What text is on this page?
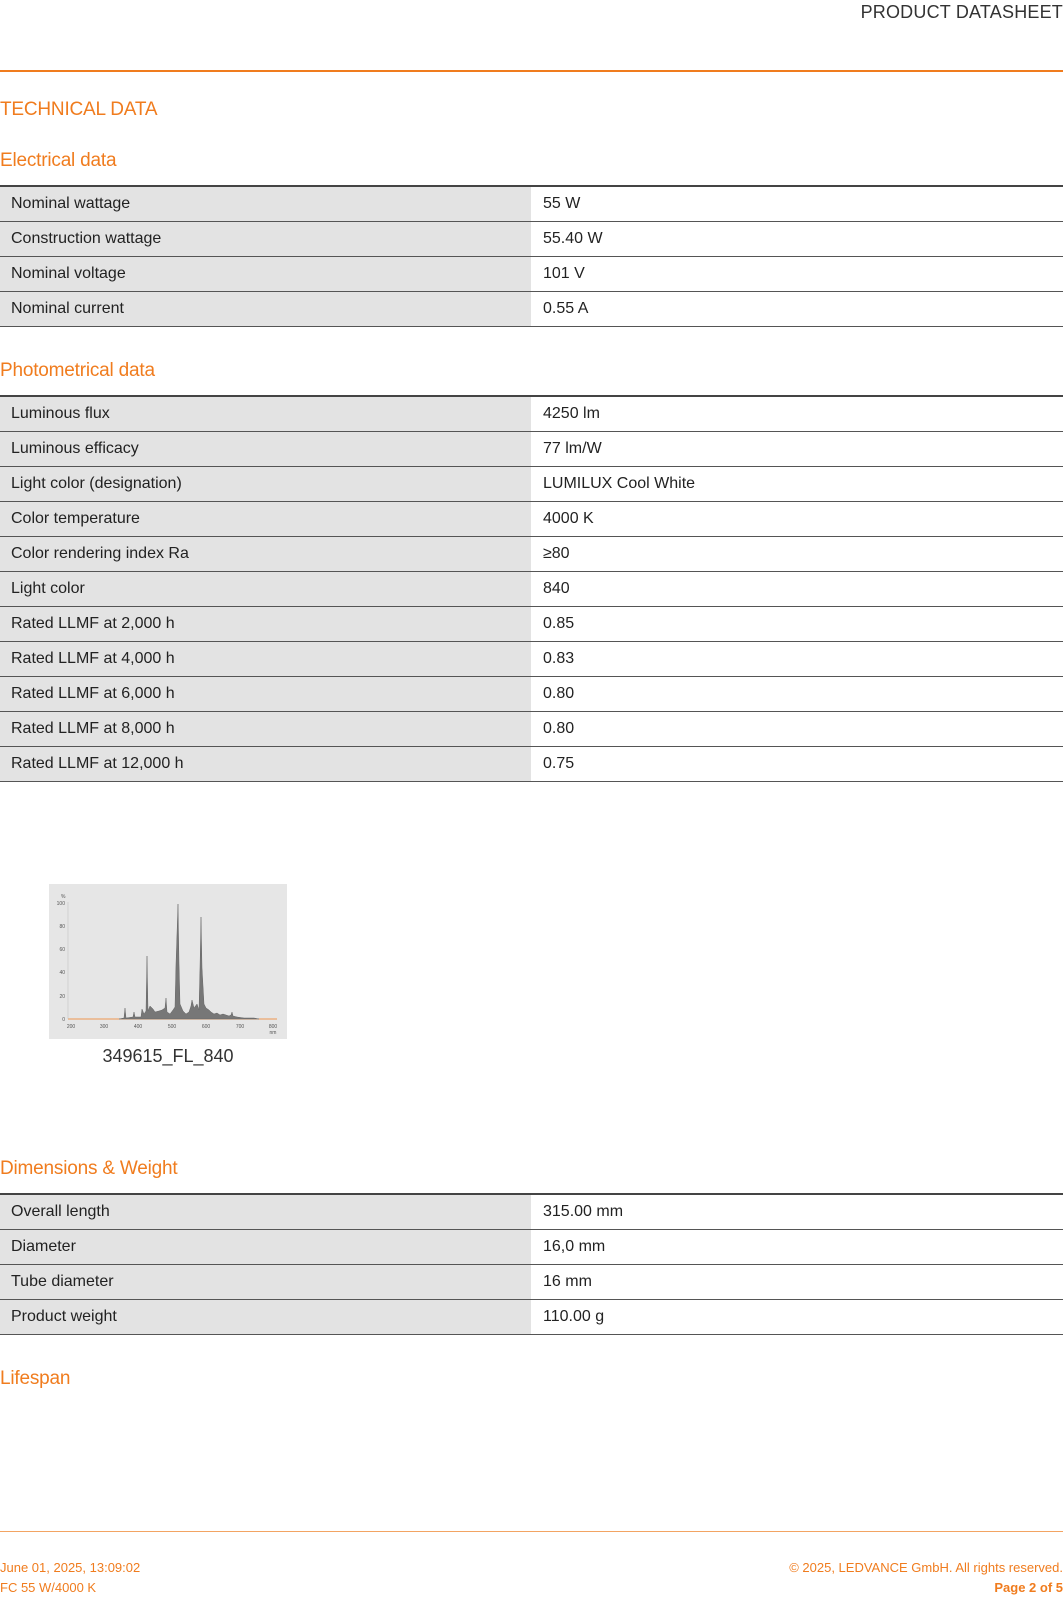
PRODUCT DATASHEET
TECHNICAL DATA
Electrical data
Nominal wattage	55 W
Construction wattage	55.40 W
Nominal voltage	101 V
Nominal current	0.55 A
Photometrical data
Luminous flux	4250 lm
Luminous efficacy	77 lm/W
Light color (designation)	LUMILUX Cool White
Color temperature	4000 K
Color rendering index Ra	≥80
Light color	840
Rated LLMF at 2,000 h	0.85
Rated LLMF at 4,000 h	0.83
Rated LLMF at 6,000 h	0.80
Rated LLMF at 8,000 h	0.80
Rated LLMF at 12,000 h	0.75
%
0
20
40
60
80
100
200	300	400	500	600	700	800
nm
349615_FL_840
Dimensions & Weight
Overall length	315.00 mm
Diameter	16,0 mm
Tube diameter	16 mm
Product weight	110.00 g
Lifespan
June 01, 2025, 13:09:02
FC 55 W/4000 K
© 2025, LEDVANCE GmbH. All rights reserved.
Page 2 of 5
